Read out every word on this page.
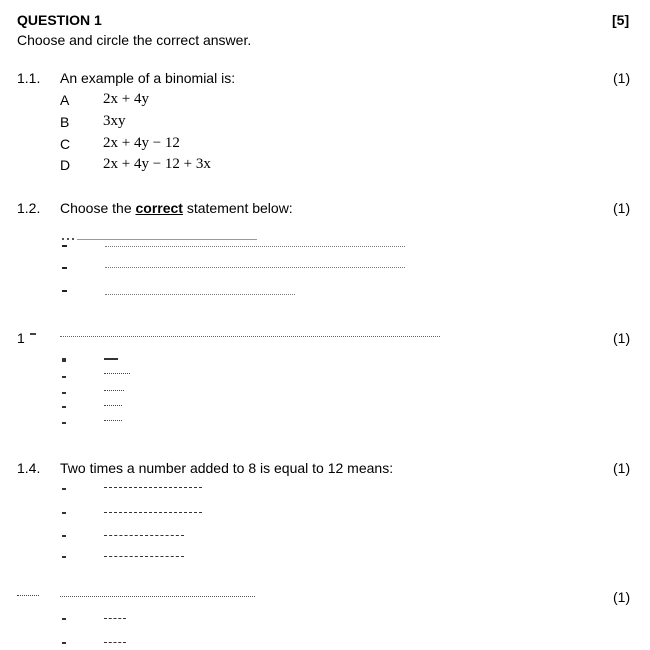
QUESTION 1	[5]
Choose and circle the correct answer.
1.1. An example of a binomial is:	(1)
A 2x + 4y
B 3xy
C 2x + 4y − 12
D 2x + 4y − 12 + 3x
1.2. Choose the correct statement below:	(1)
1	(1)
1.4. Two times a number added to 8 is equal to 12 means:	(1)
(1)
